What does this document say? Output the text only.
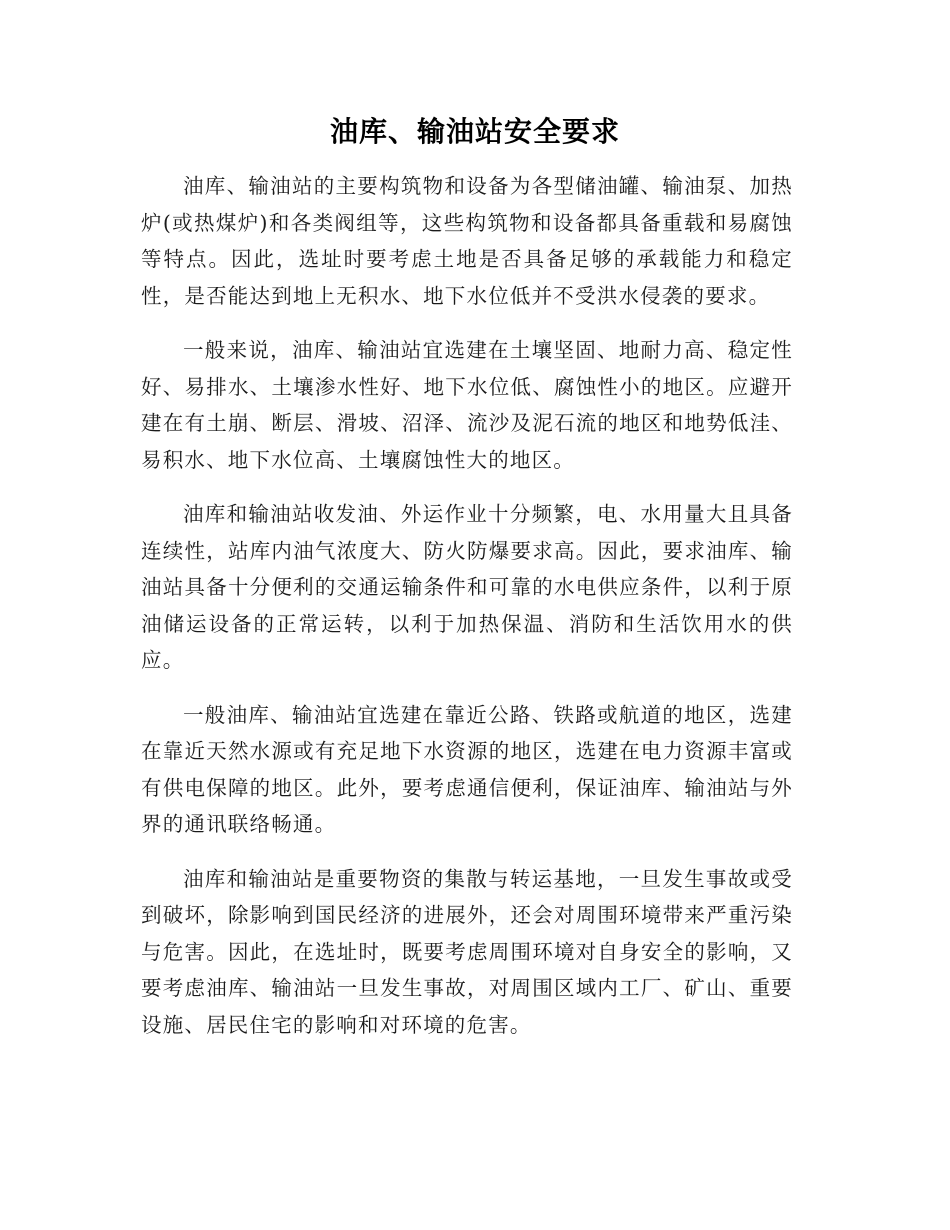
油库、输油站安全要求

油库、输油站的主要构筑物和设备为各型储油罐、输油泵、加热炉(或热煤炉)和各类阀组等，这些构筑物和设备都具备重载和易腐蚀等特点。因此，选址时要考虑土地是否具备足够的承载能力和稳定性，是否能达到地上无积水、地下水位低并不受洪水侵袭的要求。

一般来说，油库、输油站宜选建在土壤坚固、地耐力高、稳定性好、易排水、土壤渗水性好、地下水位低、腐蚀性小的地区。应避开建在有土崩、断层、滑坡、沼泽、流沙及泥石流的地区和地势低洼、易积水、地下水位高、土壤腐蚀性大的地区。

油库和输油站收发油、外运作业十分频繁，电、水用量大且具备连续性，站库内油气浓度大、防火防爆要求高。因此，要求油库、输油站具备十分便利的交通运输条件和可靠的水电供应条件，以利于原油储运设备的正常运转，以利于加热保温、消防和生活饮用水的供应。

一般油库、输油站宜选建在靠近公路、铁路或航道的地区，选建在靠近天然水源或有充足地下水资源的地区，选建在电力资源丰富或有供电保障的地区。此外，要考虑通信便利，保证油库、输油站与外界的通讯联络畅通。

油库和输油站是重要物资的集散与转运基地，一旦发生事故或受到破坏，除影响到国民经济的进展外，还会对周围环境带来严重污染与危害。因此，在选址时，既要考虑周围环境对自身安全的影响，又要考虑油库、输油站一旦发生事故，对周围区域内工厂、矿山、重要设施、居民住宅的影响和对环境的危害。
